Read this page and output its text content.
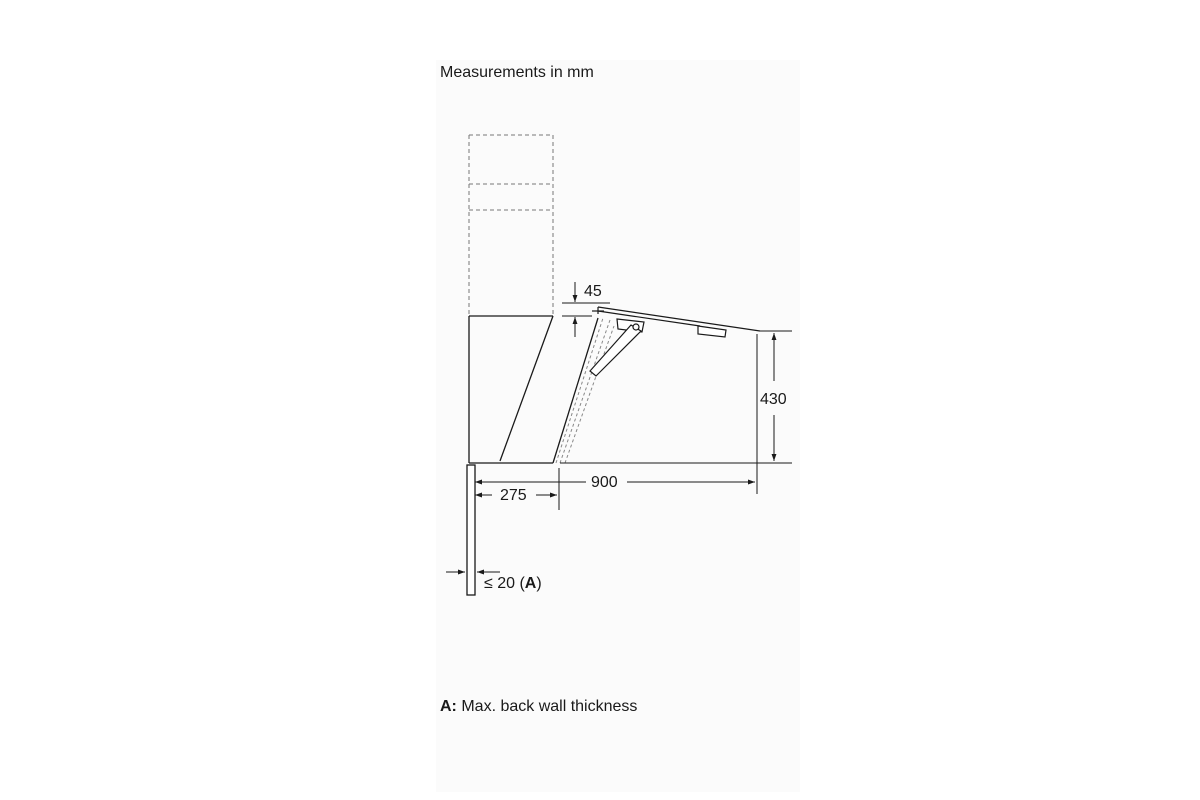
Measurements in mm
45
430
900
275
≤ 20 (A)
A: Max. back wall thickness
